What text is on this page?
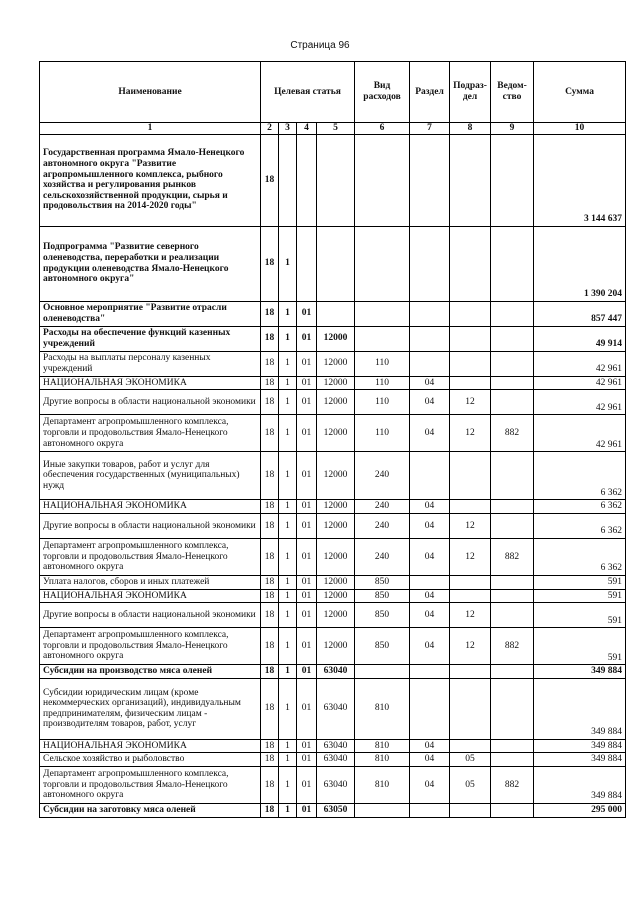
Страница 96
Наименование	Целевая статья				Вид расходов	Раздел	Подраз-дел	Ведом-ство	Сумма
1	2	3	4	5	6	7	8	9	10
Государственная программа Ямало-Ненецкого автономного округа "Развитие агропромышленного комплекса, рыбного хозяйства и регулирования рынков сельскохозяйственной продукции, сырья и продовольствия на 2014-2020 годы"	18								3 144 637
Подпрограмма "Развитие северного оленеводства, переработки и реализации продукции оленеводства Ямало-Ненецкого автономного округа"	18	1							1 390 204
Основное мероприятие "Развитие отрасли оленеводства"	18	1	01						857 447
Расходы на обеспечение функций казенных учреждений	18	1	01	12000					49 914
Расходы на выплаты персоналу казенных учреждений	18	1	01	12000	110				42 961
НАЦИОНАЛЬНАЯ ЭКОНОМИКА	18	1	01	12000	110	04			42 961
Другие вопросы в области национальной экономики	18	1	01	12000	110	04	12		42 961
Департамент агропромышленного комплекса, торговли и продовольствия Ямало-Ненецкого автономного округа	18	1	01	12000	110	04	12	882	42 961
Иные закупки товаров, работ и услуг для обеспечения государственных (муниципальных) нужд	18	1	01	12000	240				6 362
НАЦИОНАЛЬНАЯ ЭКОНОМИКА	18	1	01	12000	240	04			6 362
Другие вопросы в области национальной экономики	18	1	01	12000	240	04	12		6 362
Департамент агропромышленного комплекса, торговли и продовольствия Ямало-Ненецкого автономного округа	18	1	01	12000	240	04	12	882	6 362
Уплата налогов, сборов и иных платежей	18	1	01	12000	850				591
НАЦИОНАЛЬНАЯ ЭКОНОМИКА	18	1	01	12000	850	04			591
Другие вопросы в области национальной экономики	18	1	01	12000	850	04	12		591
Департамент агропромышленного комплекса, торговли и продовольствия Ямало-Ненецкого автономного округа	18	1	01	12000	850	04	12	882	591
Субсидии на производство мяса оленей	18	1	01	63040					349 884
Субсидии юридическим лицам (кроме некоммерческих организаций), индивидуальным предпринимателям, физическим лицам - производителям товаров, работ, услуг	18	1	01	63040	810				349 884
НАЦИОНАЛЬНАЯ ЭКОНОМИКА	18	1	01	63040	810	04			349 884
Сельское хозяйство и рыболовство	18	1	01	63040	810	04	05		349 884
Департамент агропромышленного комплекса, торговли и продовольствия Ямало-Ненецкого автономного округа	18	1	01	63040	810	04	05	882	349 884
Субсидии на заготовку мяса оленей	18	1	01	63050					295 000
